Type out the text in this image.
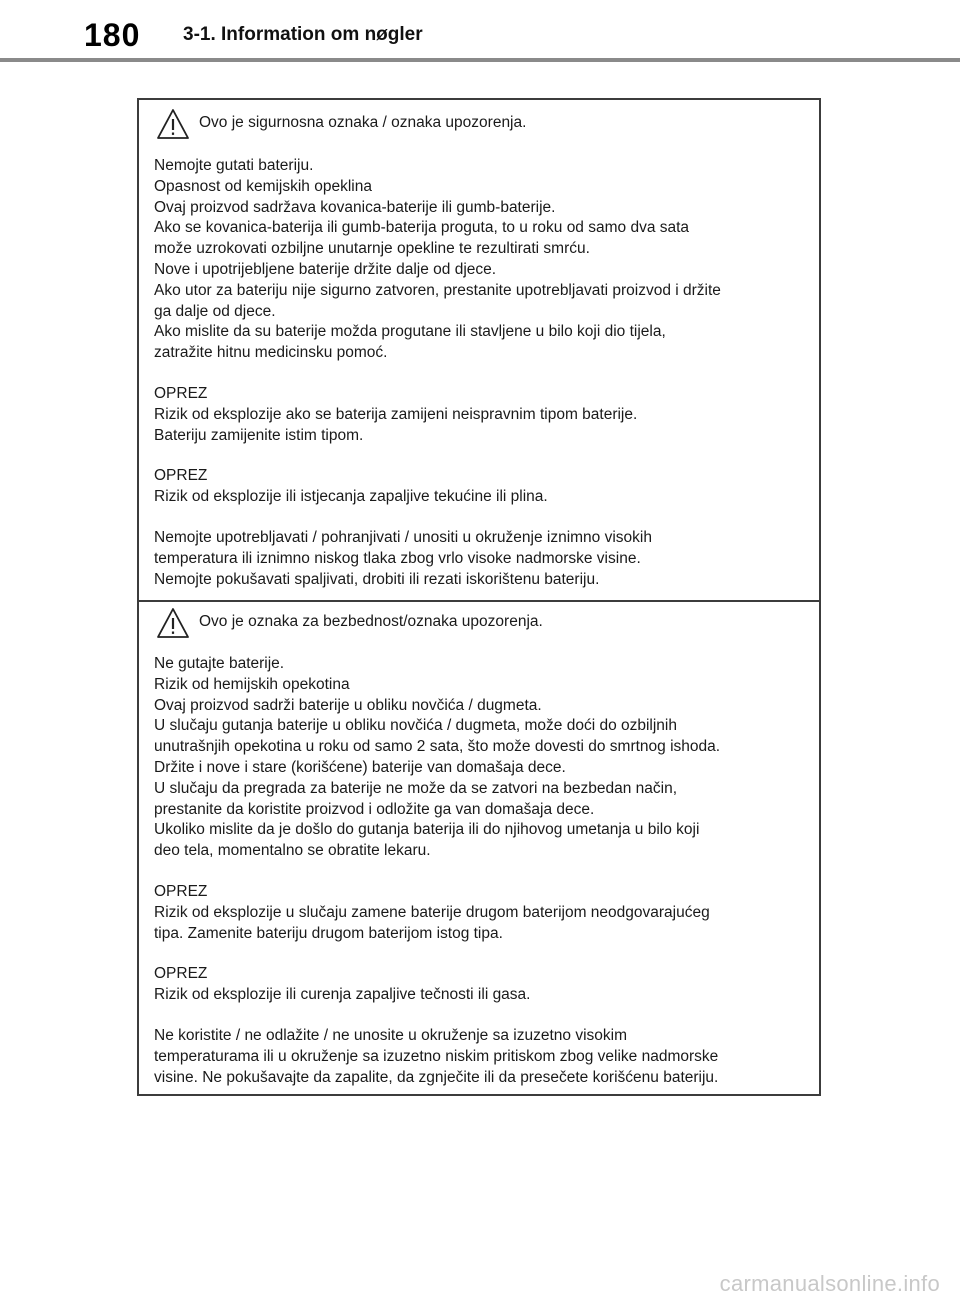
180 3-1. Information om nøgler
Ovo je sigurnosna oznaka / oznaka upozorenja.
Nemojte gutati bateriju.
Opasnost od kemijskih opeklina
Ovaj proizvod sadržava kovanica-baterije ili gumb-baterije.
Ako se kovanica-baterija ili gumb-baterija proguta, to u roku od samo dva sata
može uzrokovati ozbiljne unutarnje opekline te rezultirati smrću.
Nove i upotrijebljene baterije držite dalje od djece.
Ako utor za bateriju nije sigurno zatvoren, prestanite upotrebljavati proizvod i držite
ga dalje od djece.
Ako mislite da su baterije možda progutane ili stavljene u bilo koji dio tijela,
zatražite hitnu medicinsku pomoć.
OPREZ
Rizik od eksplozije ako se baterija zamijeni neispravnim tipom baterije.
Bateriju zamijenite istim tipom.
OPREZ
Rizik od eksplozije ili istjecanja zapaljive tekućine ili plina.
Nemojte upotrebljavati / pohranjivati / unositi u okruženje iznimno visokih
temperatura ili iznimno niskog tlaka zbog vrlo visoke nadmorske visine.
Nemojte pokušavati spaljivati, drobiti ili rezati iskorištenu bateriju.
Ovo je oznaka za bezbednost/oznaka upozorenja.
Ne gutajte baterije.
Rizik od hemijskih opekotina
Ovaj proizvod sadrži baterije u obliku novčića / dugmeta.
U slučaju gutanja baterije u obliku novčića / dugmeta, može doći do ozbiljnih
unutrašnjih opekotina u roku od samo 2 sata, što može dovesti do smrtnog ishoda.
Držite i nove i stare (korišćene) baterije van domašaja dece.
U slučaju da pregrada za baterije ne može da se zatvori na bezbedan način,
prestanite da koristite proizvod i odložite ga van domašaja dece.
Ukoliko mislite da je došlo do gutanja baterija ili do njihovog umetanja u bilo koji
deo tela, momentalno se obratite lekaru.
OPREZ
Rizik od eksplozije u slučaju zamene baterije drugom baterijom neodgovarajućeg
tipa. Zamenite bateriju drugom baterijom istog tipa.
OPREZ
Rizik od eksplozije ili curenja zapaljive tečnosti ili gasa.
Ne koristite / ne odlažite / ne unosite u okruženje sa izuzetno visokim
temperaturama ili u okruženje sa izuzetno niskim pritiskom zbog velike nadmorske
visine. Ne pokušavajte da zapalite, da zgnječite ili da presečete korišćenu bateriju.
carmanualsonline.info
